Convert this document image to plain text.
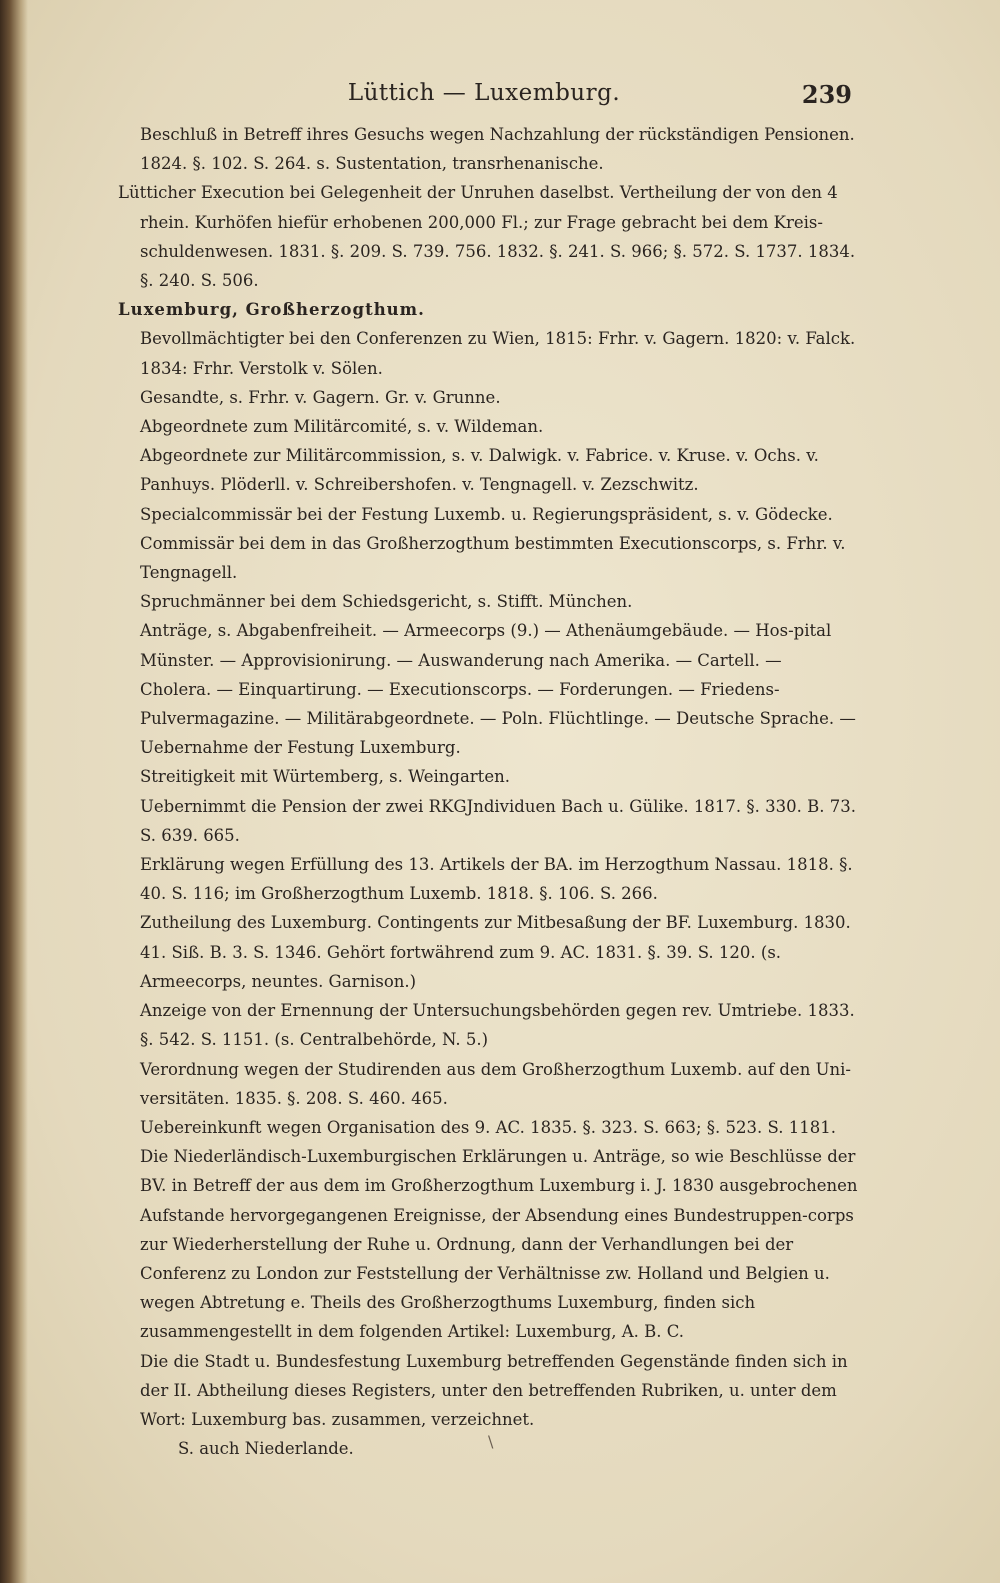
Lüttich — Luxemburg.	239

Beschluß in Betreff ihres Gesuchs wegen Nachzahlung der rückständigen Pensionen. 1824. §. 102. S. 264. s. Sustentation, transrhenanische.

Lütticher Execution bei Gelegenheit der Unruhen daselbst. Vertheilung der von den 4 rhein. Kurhöfen hiefür erhobenen 200,000 Fl.; zur Frage gebracht bei dem Kreis-schuldenwesen. 1831. §. 209. S. 739. 756. 1832. §. 241. S. 966; §. 572. S. 1737. 1834. §. 240. S. 506.

Luxemburg, Großherzogthum.

Bevollmächtigter bei den Conferenzen zu Wien, 1815: Frhr. v. Gagern. 1820: v. Falck. 1834: Frhr. Verstolk v. Sölen.

Gesandte, s. Frhr. v. Gagern. Gr. v. Grunne.

Abgeordnete zum Militärcomité, s. v. Wildeman.

Abgeordnete zur Militärcommission, s. v. Dalwigk. v. Fabrice. v. Kruse. v. Ochs. v. Panhuys. Plöderll. v. Schreibershofen. v. Tengnagell. v. Zezschwitz.

Specialcommissär bei der Festung Luxemb. u. Regierungspräsident, s. v. Gödecke.

Commissär bei dem in das Großherzogthum bestimmten Executionscorps, s. Frhr. v. Tengnagell.

Spruchmänner bei dem Schiedsgericht, s. Stifft. München.

Anträge, s. Abgabenfreiheit. — Armeecorps (9.) — Athenäumgebäude. — Hos-pital Münster. — Approvisionirung. — Auswanderung nach Amerika. — Cartell. — Cholera. — Einquartirung. — Executionscorps. — Forderungen. — Friedens-Pulvermagazine. — Militärabgeordnete. — Poln. Flüchtlinge. — Deutsche Sprache. — Uebernahme der Festung Luxemburg.

Streitigkeit mit Würtemberg, s. Weingarten.

Uebernimmt die Pension der zwei RKGJndividuen Bach u. Gülike. 1817. §. 330. B. 73. S. 639. 665.

Erklärung wegen Erfüllung des 13. Artikels der BA. im Herzogthum Nassau. 1818. §. 40. S. 116; im Großherzogthum Luxemb. 1818. §. 106. S. 266.

Zutheilung des Luxemburg. Contingents zur Mitbesaßung der BF. Luxemburg. 1830. 41. Siß. B. 3. S. 1346. Gehört fortwährend zum 9. AC. 1831. §. 39. S. 120. (s. Armeecorps, neuntes. Garnison.)

Anzeige von der Ernennung der Untersuchungsbehörden gegen rev. Umtriebe. 1833. §. 542. S. 1151. (s. Centralbehörde, N. 5.)

Verordnung wegen der Studirenden aus dem Großherzogthum Luxemb. auf den Uni-versitäten. 1835. §. 208. S. 460. 465.

Uebereinkunft wegen Organisation des 9. AC. 1835. §. 323. S. 663; §. 523. S. 1181.

Die Niederländisch-Luxemburgischen Erklärungen u. Anträge, so wie Beschlüsse der BV. in Betreff der aus dem im Großherzogthum Luxemburg i. J. 1830 ausgebrochenen Aufstande hervorgegangenen Ereignisse, der Absendung eines Bundestruppen-corps zur Wiederherstellung der Ruhe u. Ordnung, dann der Verhandlungen bei der Conferenz zu London zur Feststellung der Verhältnisse zw. Holland und Belgien u. wegen Abtretung e. Theils des Großherzogthums Luxemburg, finden sich zusammengestellt in dem folgenden Artikel: Luxemburg, A. B. C.

Die die Stadt u. Bundesfestung Luxemburg betreffenden Gegenstände finden sich in der II. Abtheilung dieses Registers, unter den betreffenden Rubriken, u. unter dem Wort: Luxemburg bas. zusammen, verzeichnet.

S. auch Niederlande.	\
